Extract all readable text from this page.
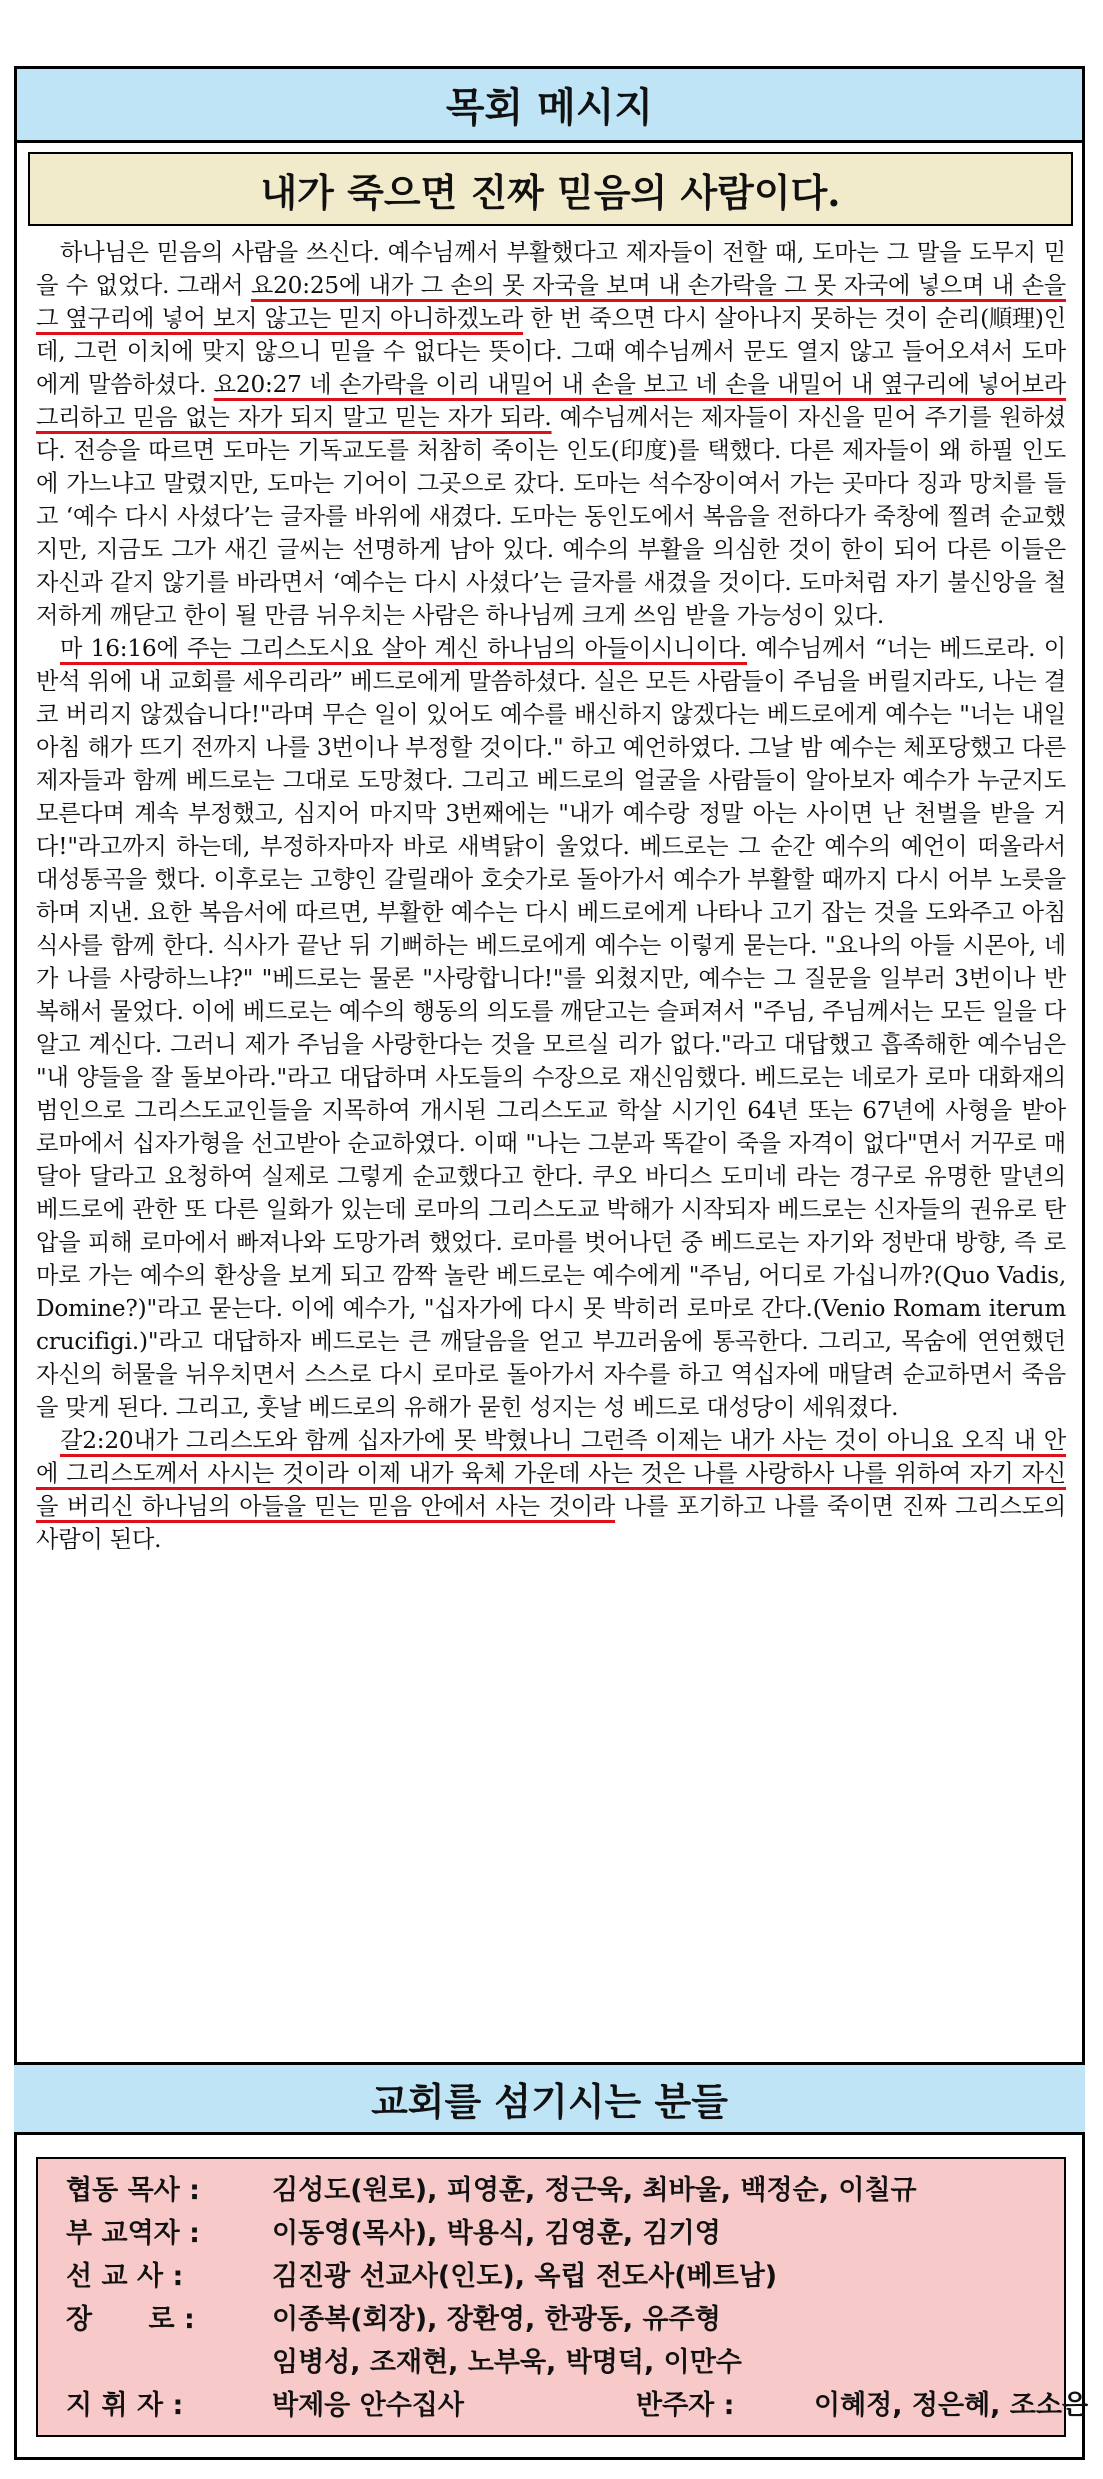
목회 메시지
내가 죽으면 진짜 믿음의 사람이다.

하나님은 믿음의 사람을 쓰신다. 예수님께서 부활했다고 제자들이 전할 때, 도마는 그 말을 도무지 믿을 수 없었다. 그래서 요20:25에 내가 그 손의 못 자국을 보며 내 손가락을 그 못 자국에 넣으며 내 손을 그 옆구리에 넣어 보지 않고는 믿지 아니하겠노라 한 번 죽으면 다시 살아나지 못하는 것이 순리(順理)인데, 그런 이치에 맞지 않으니 믿을 수 없다는 뜻이다. 그때 예수님께서 문도 열지 않고 들어오셔서 도마에게 말씀하셨다. 요20:27 네 손가락을 이리 내밀어 내 손을 보고 네 손을 내밀어 내 옆구리에 넣어보라 그리하고 믿음 없는 자가 되지 말고 믿는 자가 되라. 예수님께서는 제자들이 자신을 믿어 주기를 원하셨다. 전승을 따르면 도마는 기독교도를 처참히 죽이는 인도(印度)를 택했다. 다른 제자들이 왜 하필 인도에 가느냐고 말렸지만, 도마는 기어이 그곳으로 갔다. 도마는 석수장이여서 가는 곳마다 징과 망치를 들고 ‘예수 다시 사셨다’는 글자를 바위에 새겼다. 도마는 동인도에서 복음을 전하다가 죽창에 찔려 순교했지만, 지금도 그가 새긴 글씨는 선명하게 남아 있다. 예수의 부활을 의심한 것이 한이 되어 다른 이들은 자신과 같지 않기를 바라면서 ‘예수는 다시 사셨다’는 글자를 새겼을 것이다. 도마처럼 자기 불신앙을 철저하게 깨닫고 한이 될 만큼 뉘우치는 사람은 하나님께 크게 쓰임 받을 가능성이 있다.

마 16:16에 주는 그리스도시요 살아 계신 하나님의 아들이시니이다. 예수님께서 “너는 베드로라. 이 반석 위에 내 교회를 세우리라” 베드로에게 말씀하셨다. 실은 모든 사람들이 주님을 버릴지라도, 나는 결코 버리지 않겠습니다!"라며 무슨 일이 있어도 예수를 배신하지 않겠다는 베드로에게 예수는 "너는 내일 아침 해가 뜨기 전까지 나를 3번이나 부정할 것이다." 하고 예언하였다. 그날 밤 예수는 체포당했고 다른 제자들과 함께 베드로는 그대로 도망쳤다. 그리고 베드로의 얼굴을 사람들이 알아보자 예수가 누군지도 모른다며 계속 부정했고, 심지어 마지막 3번째에는 "내가 예수랑 정말 아는 사이면 난 천벌을 받을 거다!"라고까지 하는데, 부정하자마자 바로 새벽닭이 울었다. 베드로는 그 순간 예수의 예언이 떠올라서 대성통곡을 했다. 이후로는 고향인 갈릴래아 호숫가로 돌아가서 예수가 부활할 때까지 다시 어부 노릇을 하며 지낸. 요한 복음서에 따르면, 부활한 예수는 다시 베드로에게 나타나 고기 잡는 것을 도와주고 아침 식사를 함께 한다. 식사가 끝난 뒤 기뻐하는 베드로에게 예수는 이렇게 묻는다. "요나의 아들 시몬아, 네가 나를 사랑하느냐?" "베드로는 물론 "사랑합니다!"를 외쳤지만, 예수는 그 질문을 일부러 3번이나 반복해서 물었다. 이에 베드로는 예수의 행동의 의도를 깨닫고는 슬퍼져서 "주님, 주님께서는 모든 일을 다 알고 계신다. 그러니 제가 주님을 사랑한다는 것을 모르실 리가 없다."라고 대답했고 흡족해한 예수님은 "내 양들을 잘 돌보아라."라고 대답하며 사도들의 수장으로 재신임했다. 베드로는 네로가 로마 대화재의 범인으로 그리스도교인들을 지목하여 개시된 그리스도교 학살 시기인 64년 또는 67년에 사형을 받아 로마에서 십자가형을 선고받아 순교하였다. 이때 "나는 그분과 똑같이 죽을 자격이 없다"면서 거꾸로 매달아 달라고 요청하여 실제로 그렇게 순교했다고 한다. 쿠오 바디스 도미네 라는 경구로 유명한 말년의 베드로에 관한 또 다른 일화가 있는데 로마의 그리스도교 박해가 시작되자 베드로는 신자들의 권유로 탄압을 피해 로마에서 빠져나와 도망가려 했었다. 로마를 벗어나던 중 베드로는 자기와 정반대 방향, 즉 로마로 가는 예수의 환상을 보게 되고 깜짝 놀란 베드로는 예수에게 "주님, 어디로 가십니까?(Quo Vadis, Domine?)"라고 묻는다. 이에 예수가, "십자가에 다시 못 박히러 로마로 간다.(Venio Romam iterum crucifigi.)"라고 대답하자 베드로는 큰 깨달음을 얻고 부끄러움에 통곡한다. 그리고, 목숨에 연연했던 자신의 허물을 뉘우치면서 스스로 다시 로마로 돌아가서 자수를 하고 역십자에 매달려 순교하면서 죽음을 맞게 된다. 그리고, 훗날 베드로의 유해가 묻힌 성지는 성 베드로 대성당이 세워졌다.

갈2:20내가 그리스도와 함께 십자가에 못 박혔나니 그런즉 이제는 내가 사는 것이 아니요 오직 내 안에 그리스도께서 사시는 것이라 이제 내가 육체 가운데 사는 것은 나를 사랑하사 나를 위하여 자기 자신을 버리신 하나님의 아들을 믿는 믿음 안에서 사는 것이라 나를 포기하고 나를 죽이면 진짜 그리스도의 사람이 된다.

교회를 섬기시는 분들
협동 목사 :	김성도(원로), 피영훈, 정근욱, 최바울, 백정순, 이칠규
부 교역자 :	이동영(목사), 박용식, 김영훈, 김기영
선 교 사 :	김진광 선교사(인도), 옥립 전도사(베트남)
장      로 :	이종복(회장), 장환영, 한광동, 유주형
임병성, 조재현, 노부욱, 박명덕, 이만수
지 휘 자 :	박제응 안수집사	반주자 :	이혜정, 정은혜, 조소은
